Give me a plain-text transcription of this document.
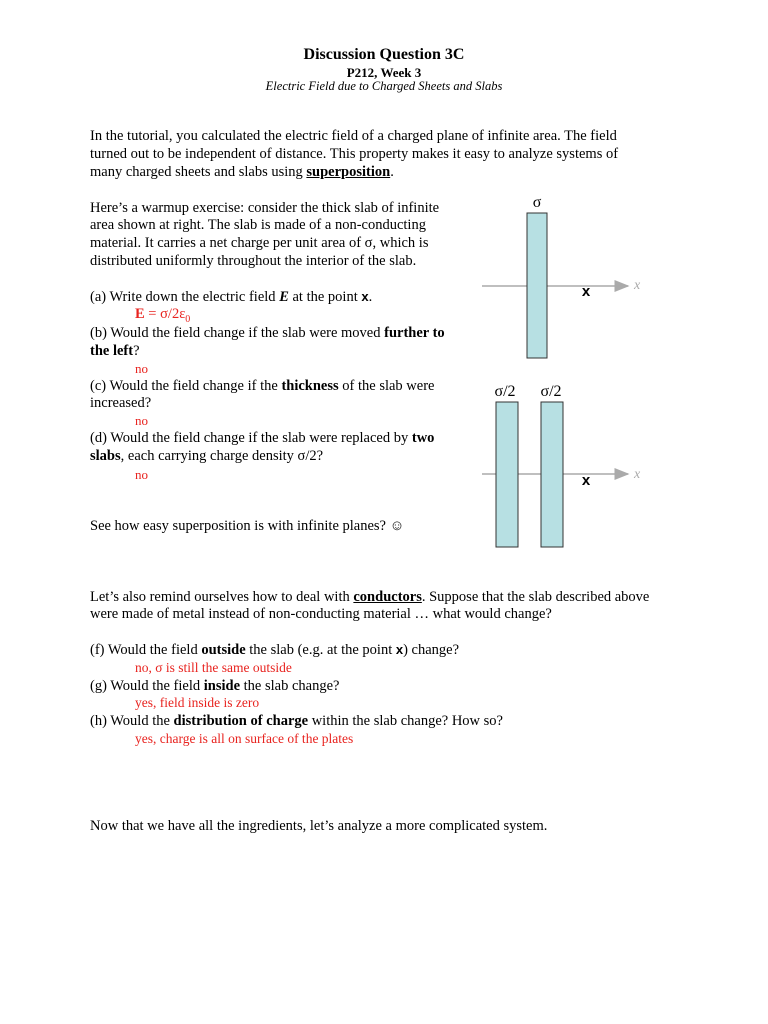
Discussion Question 3C
P212, Week 3
Electric Field due to Charged Sheets and Slabs
In the tutorial, you calculated the electric field of a charged plane of infinite area. The field
turned out to be independent of distance. This property makes it easy to analyze systems of
many charged sheets and slabs using superposition.
Here’s a warmup exercise: consider the thick slab of infinite
area shown at right. The slab is made of a non-conducting
material. It carries a net charge per unit area of σ, which is
distributed uniformly throughout the interior of the slab.
(a) Write down the electric field E at the point x.
$E = \sigma/2\varepsilon_0$
(b) Would the field change if the slab were moved further to
the left?
no
(c) Would the field change if the thickness of the slab were
increased?
no
(d) Would the field change if the slab were replaced by two
slabs, each carrying charge density σ/2?
no
See how easy superposition is with infinite planes? ☺
σ
x	x
σ/2 σ/2
x	x
Let’s also remind ourselves how to deal with conductors. Suppose that the slab described above
were made of metal instead of non-conducting material … what would change?
(f) Would the field outside the slab (e.g. at the point x) change?
no, σ is still the same outside
(g) Would the field inside the slab change?
yes, field inside is zero
(h) Would the distribution of charge within the slab change? How so?
yes, charge is all on surface of the plates
Now that we have all the ingredients, let’s analyze a more complicated system.
